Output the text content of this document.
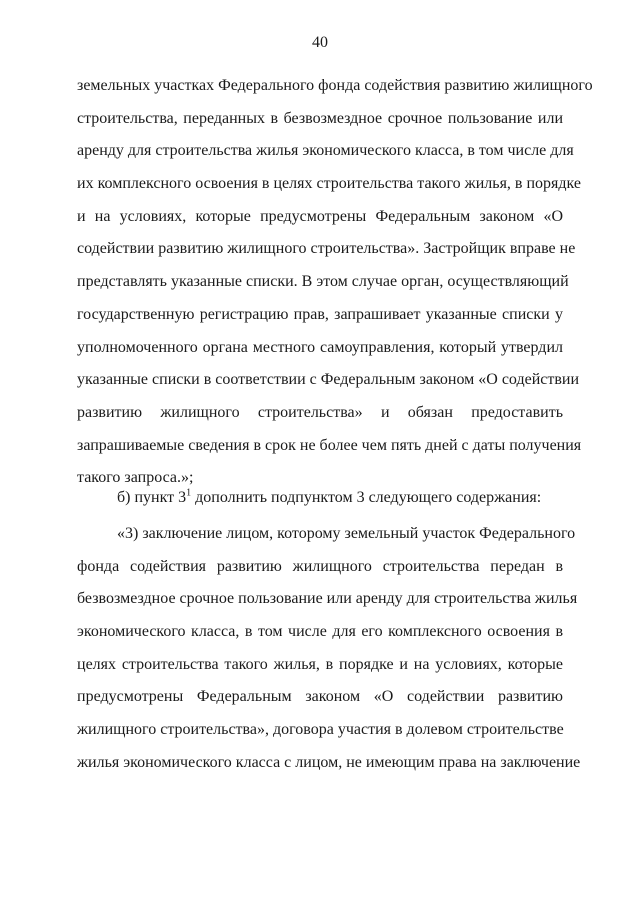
40
земельных участках Федерального фонда содействия развитию жилищного
строительства, переданных в безвозмездное срочное пользование или
аренду для строительства жилья экономического класса, в том числе для
их комплексного освоения в целях строительства такого жилья, в порядке
и на условиях, которые предусмотрены Федеральным законом «О
содействии развитию жилищного строительства». Застройщик вправе не
представлять указанные списки. В этом случае орган, осуществляющий
государственную регистрацию прав, запрашивает указанные списки у
уполномоченного органа местного самоуправления, который утвердил
указанные списки в соответствии с Федеральным законом «О содействии
развитию жилищного строительства» и обязан предоставить
запрашиваемые сведения в срок не более чем пять дней с даты получения
такого запроса.»;
б) пункт $3^1$ дополнить подпунктом 3 следующего содержания:
«3) заключение лицом, которому земельный участок Федерального
фонда содействия развитию жилищного строительства передан в
безвозмездное срочное пользование или аренду для строительства жилья
экономического класса, в том числе для его комплексного освоения в
целях строительства такого жилья, в порядке и на условиях, которые
предусмотрены Федеральным законом «О содействии развитию
жилищного строительства», договора участия в долевом строительстве
жилья экономического класса с лицом, не имеющим права на заключение
